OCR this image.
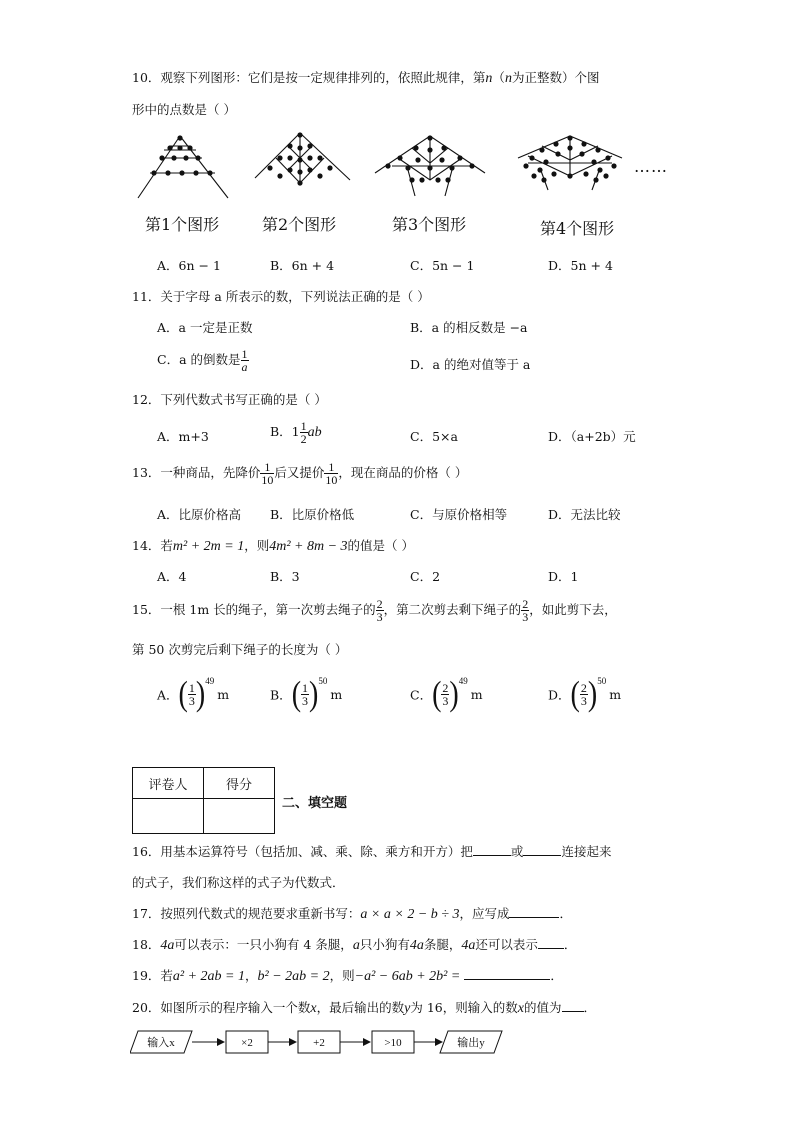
10．观察下列图形：它们是按一定规律排列的，依照此规律，第n（n为正整数）个图
形中的点数是（ ）
……
第1个图形	第2个图形	第3个图形	第4个图形
A．6n − 1	B．6n + 4	C．5n − 1	D．5n + 4
11．关于字母 a 所表示的数，下列说法正确的是（ ）
A．a 一定是正数	B．a 的相反数是 −a
C．a 的倒数是 $\frac{1}{a}$	D．a 的绝对值等于 a
12．下列代数式书写正确的是（ ）
A．m+3	B．$1 \frac{1}{2}$ ab	C．5×a	D．（a+2b）元
13．一种商品，先降价 $\frac{1}{10}$ 后又提价 $\frac{1}{10}$ ，现在商品的价格（ ）
A．比原价格高 B．比原价格低	C．与原价格相等	D．无法比较
14．若m² + 2m = 1，则4m² + 8m − 3的值是（ ）
A．4	B．3	C．2	D．1
15．一根 1m 长的绳子，第一次剪去绳子的 $\frac{2}{3}$ ，第二次剪去剩下绳子的 $\frac{2}{3}$ ，如此剪下去，
第 50 次剪完后剩下绳子的长度为（ ）
A．( $\frac{1}{3} )^{49}m$	B．( $\frac{1}{3} )^{50}m$	C．( $\frac{2}{3} )^{49}m$	D．( $\frac{2}{3} )^{50}m$
评卷人	得分

二、填空题
16．用基本运算符号（包括加、减、乘、除、乘方和开方）把	或	连接起来
的式子，我们称这样的式子为代数式．
17．按照列代数式的规范要求重新书写：a × a × 2 − b ÷ 3，应写成	．
18．4a可以表示：一只小狗有 4 条腿，a只小狗有4a条腿，4a还可以表示 ．
19．若a² + 2ab = 1，b² − 2ab = 2，则−a² − 6ab + 2b² =	．
20．如图所示的程序输入一个数x，最后输出的数y为 16，则输入的数x的值为 ．
输入x	×2	+2	>10	输出y
